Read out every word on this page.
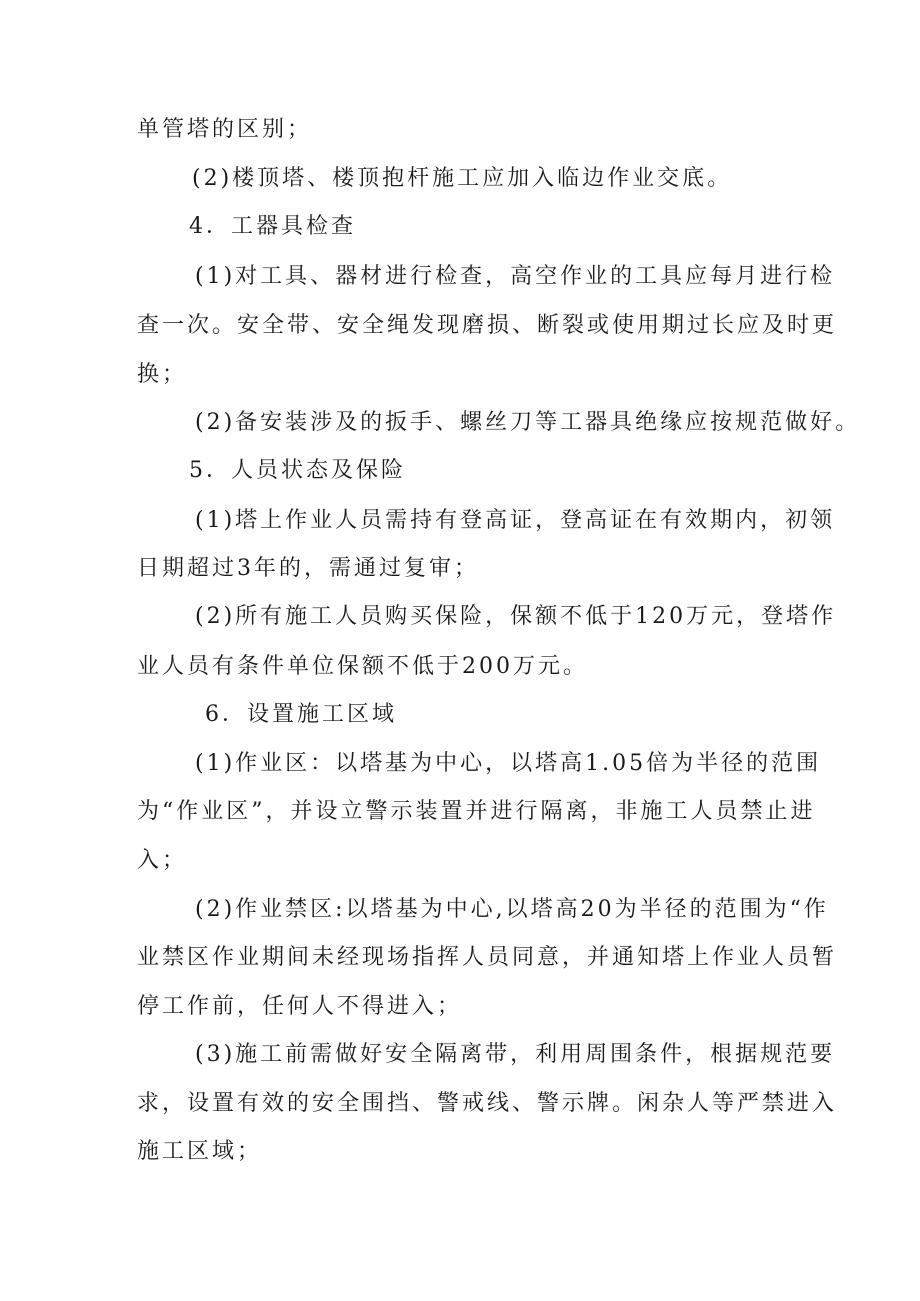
单管塔的区别；
(2)楼顶塔、楼顶抱杆施工应加入临边作业交底。
4．工器具检查
(1)对工具、器材进行检查，高空作业的工具应每月进行检
查一次。安全带、安全绳发现磨损、断裂或使用期过长应及时更
换；
(2)备安装涉及的扳手、螺丝刀等工器具绝缘应按规范做好。
5．人员状态及保险
(1)塔上作业人员需持有登高证，登高证在有效期内，初领
日期超过3年的，需通过复审；
(2)所有施工人员购买保险，保额不低于120万元，登塔作
业人员有条件单位保额不低于200万元。
6．设置施工区域
(1)作业区：以塔基为中心，以塔高1.05倍为半径的范围
为“作业区”，并设立警示装置并进行隔离，非施工人员禁止进
入；
(2)作业禁区:以塔基为中心,以塔高20为半径的范围为“作
业禁区作业期间未经现场指挥人员同意，并通知塔上作业人员暂
停工作前，任何人不得进入；
(3)施工前需做好安全隔离带，利用周围条件，根据规范要
求，设置有效的安全围挡、警戒线、警示牌。闲杂人等严禁进入
施工区域；
